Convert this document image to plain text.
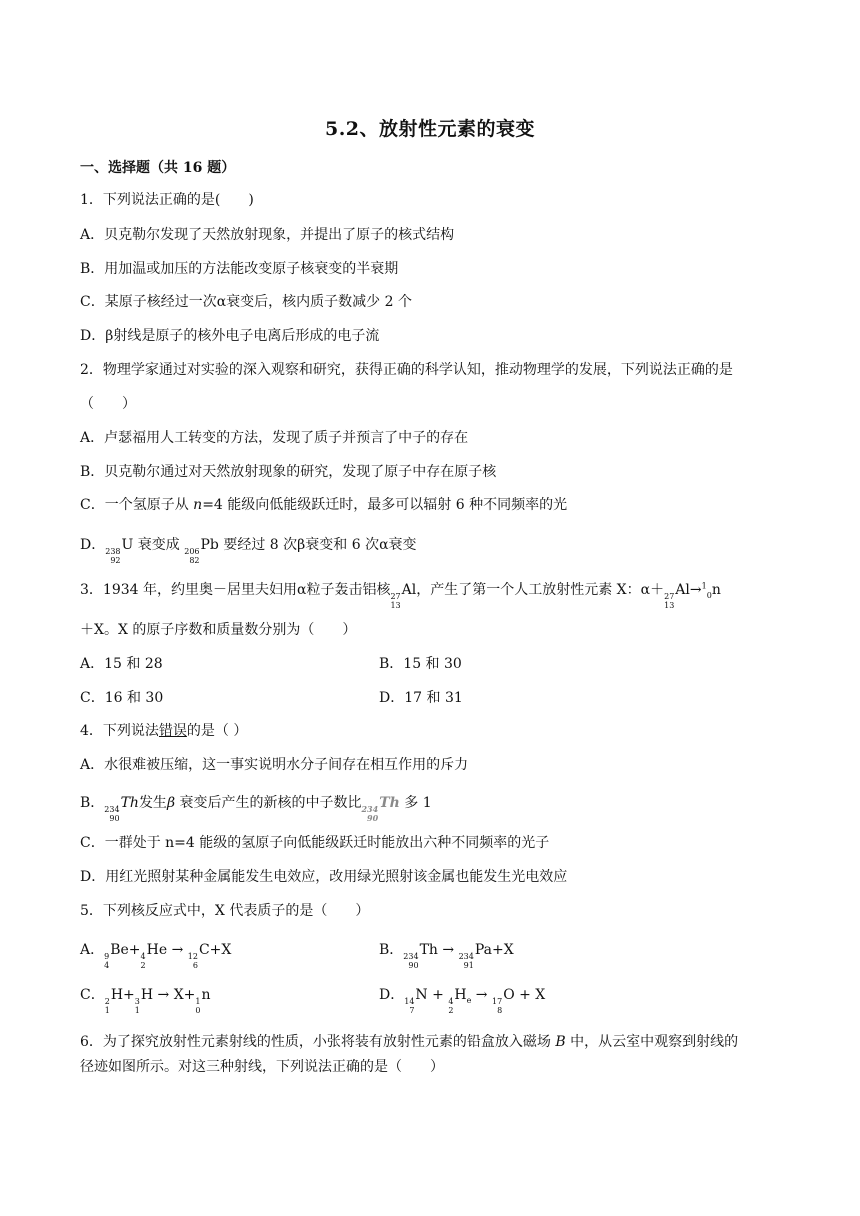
5.2、放射性元素的衰变
一、选择题（共 16 题）
1．下列说法正确的是(　　)
A．贝克勒尔发现了天然放射现象，并提出了原子的核式结构
B．用加温或加压的方法能改变原子核衰变的半衰期
C．某原子核经过一次α衰变后，核内质子数减少 2 个
D．β射线是原子的核外电子电离后形成的电子流
2．物理学家通过对实验的深入观察和研究，获得正确的科学认知，推动物理学的发展，下列说法正确的是
（　　）
A．卢瑟福用人工转变的方法，发现了质子并预言了中子的存在
B．贝克勒尔通过对天然放射现象的研究，发现了原子中存在原子核
C．一个氢原子从 n=4 能级向低能级跃迁时，最多可以辐射 6 种不同频率的光
D． 238
92
U 衰变成 206
82
Pb 要经过 8 次β衰变和 6 次α衰变
3．1934 年，约里奥－居里夫妇用α粒子轰击铝核 27
13
Al，产生了第一个人工放射性元素 X：α＋ 27
13
Al→$^1_0$n
＋X。X 的原子序数和质量数分别为（　　）
A．15 和 28	B．15 和 30
C．16 和 30	D．17 和 31
4．下列说法错误的是（ ）
A．水很难被压缩，这一事实说明水分子间存在相互作用的斥力
B． 234
90
Th发生β 衰变后产生的新核的中子数比 234
90
Th 多 1
C．一群处于 n=4 能级的氢原子向低能级跃迁时能放出六种不同频率的光子
D．用红光照射某种金属能发生电效应，改用绿光照射该金属也能发生光电效应
5．下列核反应式中，X 代表质子的是（　　）
A． 9
4
Be+ 4
2
He → 12
6
C+X	B． 234
90
Th → 234
91
Pa+X
C． 2
1
H+ 3
1
H → X+ 1
0
n	D． 14
7
N + 4
2
$H_e \to 17$
8
O + X
6．为了探究放射性元素射线的性质，小张将装有放射性元素的铅盒放入磁场 B 中，从云室中观察到射线的
径迹如图所示。对这三种射线，下列说法正确的是（　　）
